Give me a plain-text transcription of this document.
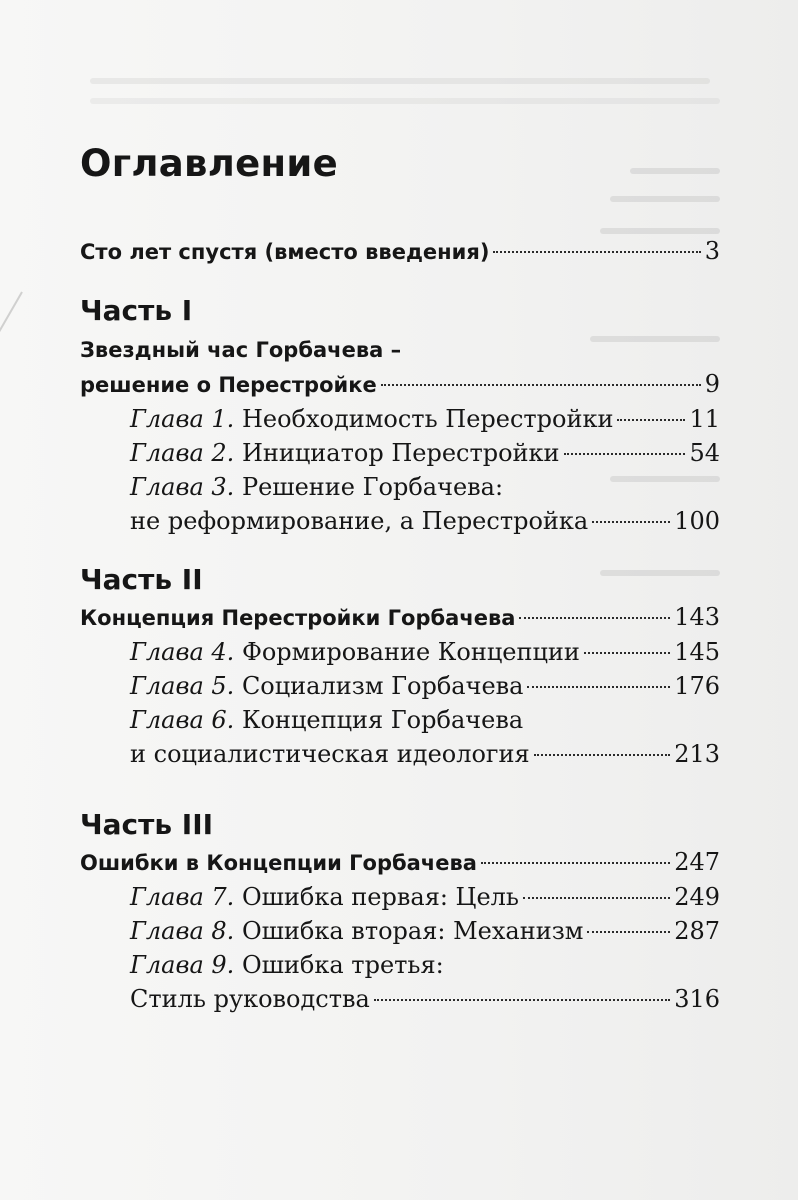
Оглавление
Сто лет спустя (вместо введения)	3
Часть I
Звездный час Горбачева –
решение о Перестройке	9
Глава 1. Необходимость Перестройки	11
Глава 2. Инициатор Перестройки	54
Глава 3. Решение Горбачева:
не реформирование, а Перестройка	100
Часть II
Концепция Перестройки Горбачева	143
Глава 4. Формирование Концепции	145
Глава 5. Социализм Горбачева	176
Глава 6. Концепция Горбачева
и социалистическая идеология	213
Часть III
Ошибки в Концепции Горбачева	247
Глава 7. Ошибка первая: Цель	249
Глава 8. Ошибка вторая: Механизм	287
Глава 9. Ошибка третья:
Стиль руководства	316
